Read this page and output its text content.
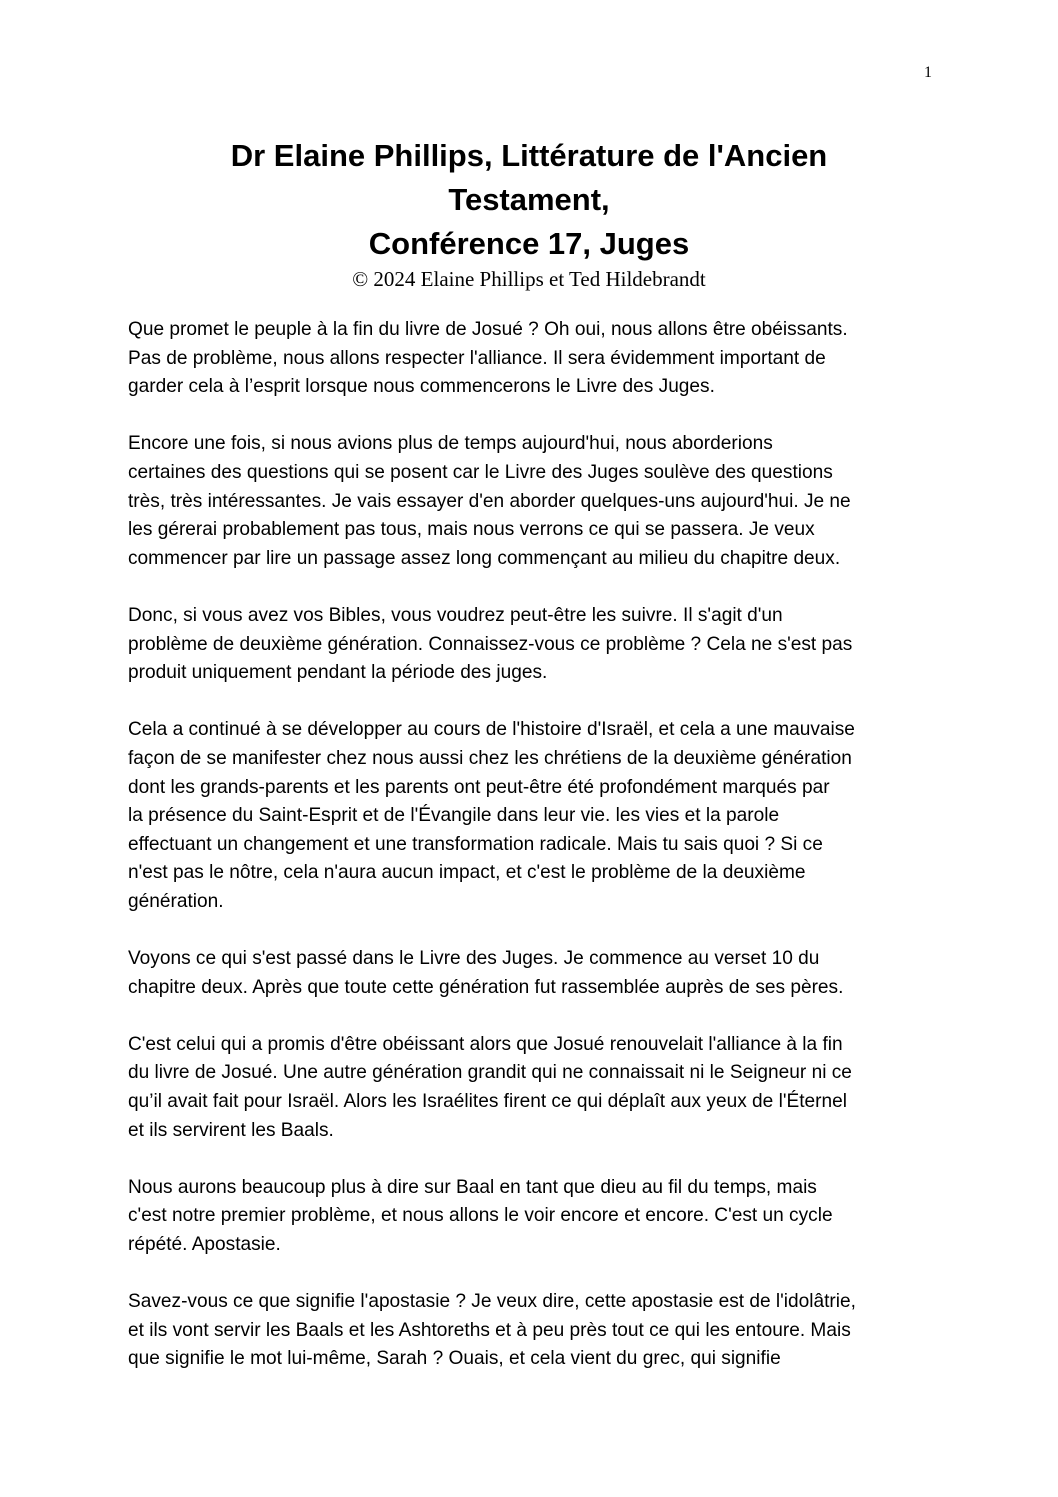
1
Dr Elaine Phillips, Littérature de l'Ancien
Testament,
Conférence 17, Juges
© 2024 Elaine Phillips et Ted Hildebrandt

Que promet le peuple à la fin du livre de Josué ? Oh oui, nous allons être obéissants.
Pas de problème, nous allons respecter l'alliance. Il sera évidemment important de
garder cela à l’esprit lorsque nous commencerons le Livre des Juges.

Encore une fois, si nous avions plus de temps aujourd'hui, nous aborderions
certaines des questions qui se posent car le Livre des Juges soulève des questions
très, très intéressantes. Je vais essayer d'en aborder quelques-uns aujourd'hui. Je ne
les gérerai probablement pas tous, mais nous verrons ce qui se passera. Je veux
commencer par lire un passage assez long commençant au milieu du chapitre deux.

Donc, si vous avez vos Bibles, vous voudrez peut-être les suivre. Il s'agit d'un
problème de deuxième génération. Connaissez-vous ce problème ? Cela ne s'est pas
produit uniquement pendant la période des juges.

Cela a continué à se développer au cours de l'histoire d'Israël, et cela a une mauvaise
façon de se manifester chez nous aussi chez les chrétiens de la deuxième génération
dont les grands-parents et les parents ont peut-être été profondément marqués par
la présence du Saint-Esprit et de l'Évangile dans leur vie. les vies et la parole
effectuant un changement et une transformation radicale. Mais tu sais quoi ? Si ce
n'est pas le nôtre, cela n'aura aucun impact, et c'est le problème de la deuxième
génération.

Voyons ce qui s'est passé dans le Livre des Juges. Je commence au verset 10 du
chapitre deux. Après que toute cette génération fut rassemblée auprès de ses pères.

C'est celui qui a promis d'être obéissant alors que Josué renouvelait l'alliance à la fin
du livre de Josué. Une autre génération grandit qui ne connaissait ni le Seigneur ni ce
qu’il avait fait pour Israël. Alors les Israélites firent ce qui déplaît aux yeux de l'Éternel
et ils servirent les Baals.

Nous aurons beaucoup plus à dire sur Baal en tant que dieu au fil du temps, mais
c'est notre premier problème, et nous allons le voir encore et encore. C'est un cycle
répété. Apostasie.

Savez-vous ce que signifie l'apostasie ? Je veux dire, cette apostasie est de l'idolâtrie,
et ils vont servir les Baals et les Ashtoreths et à peu près tout ce qui les entoure. Mais
que signifie le mot lui-même, Sarah ? Ouais, et cela vient du grec, qui signifie
